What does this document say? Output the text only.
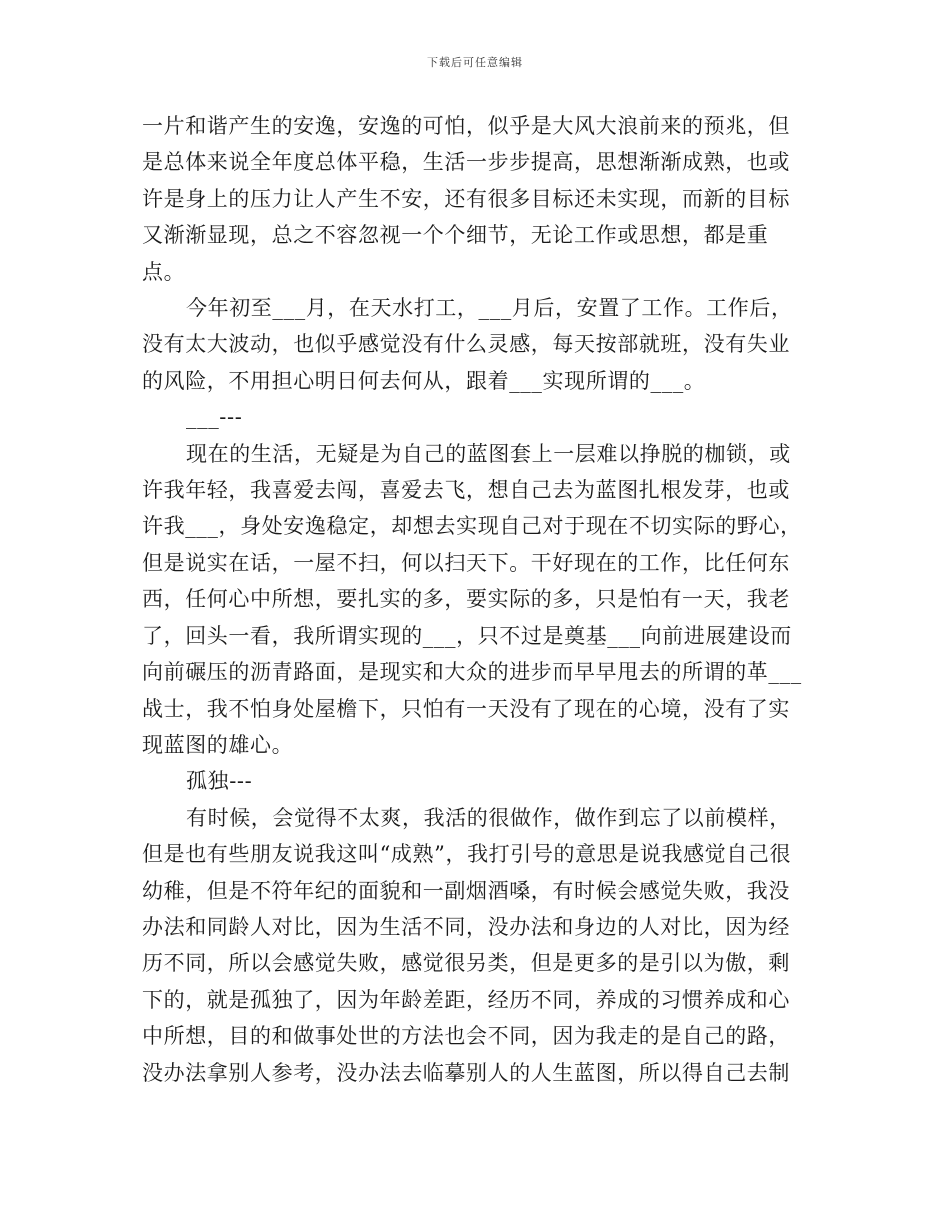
下载后可任意编辑

一片和谐产生的安逸，安逸的可怕，似乎是大风大浪前来的预兆，但是总体来说全年度总体平稳，生活一步步提高，思想渐渐成熟，也或许是身上的压力让人产生不安，还有很多目标还未实现，而新的目标又渐渐显现，总之不容忽视一个个细节，无论工作或思想，都是重点。

今年初至___月，在天水打工，___月后，安置了工作。工作后，没有太大波动，也似乎感觉没有什么灵感，每天按部就班，没有失业的风险，不用担心明日何去何从，跟着___实现所谓的___。

___---

现在的生活，无疑是为自己的蓝图套上一层难以挣脱的枷锁，或许我年轻，我喜爱去闯，喜爱去飞，想自己去为蓝图扎根发芽，也或许我___，身处安逸稳定，却想去实现自己对于现在不切实际的野心，但是说实在话，一屋不扫，何以扫天下。干好现在的工作，比任何东西，任何心中所想，要扎实的多，要实际的多，只是怕有一天，我老了，回头一看，我所谓实现的___，只不过是奠基___向前进展建设而向前碾压的沥青路面，是现实和大众的进步而早早甩去的所谓的革___战士，我不怕身处屋檐下，只怕有一天没有了现在的心境，没有了实现蓝图的雄心。

孤独---

有时候，会觉得不太爽，我活的很做作，做作到忘了以前模样，但是也有些朋友说我这叫“成熟”，我打引号的意思是说我感觉自己很幼稚，但是不符年纪的面貌和一副烟酒嗓，有时候会感觉失败，我没办法和同龄人对比，因为生活不同，没办法和身边的人对比，因为经历不同，所以会感觉失败，感觉很另类，但是更多的是引以为傲，剩下的，就是孤独了，因为年龄差距，经历不同，养成的习惯养成和心中所想，目的和做事处世的方法也会不同，因为我走的是自己的路，没办法拿别人参考，没办法去临摹别人的人生蓝图，所以得自己去制
